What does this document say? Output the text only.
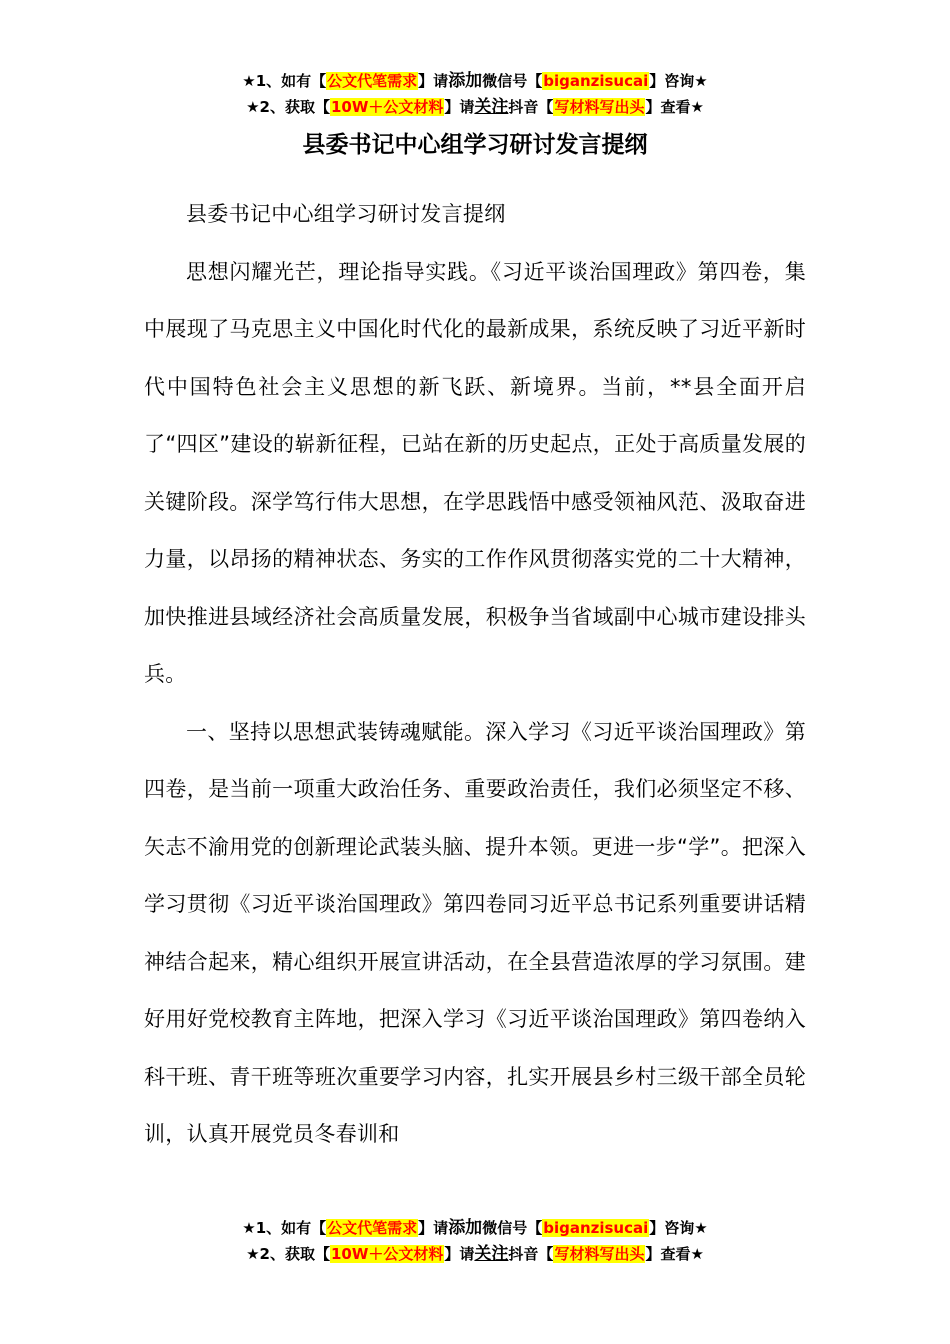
★1、如有【公文代笔需求】请添加微信号【biganzisucai】咨询★
★2、获取【10W＋公文材料】请关注抖音【写材料写出头】查看★
县委书记中心组学习研讨发言提纲

县委书记中心组学习研讨发言提纲

思想闪耀光芒，理论指导实践。《习近平谈治国理政》第四卷，集中展现了马克思主义中国化时代化的最新成果，系统反映了习近平新时代中国特色社会主义思想的新飞跃、新境界。当前，**县全面开启了“四区”建设的崭新征程，已站在新的历史起点，正处于高质量发展的关键阶段。深学笃行伟大思想，在学思践悟中感受领袖风范、汲取奋进力量，以昂扬的精神状态、务实的工作作风贯彻落实党的二十大精神，加快推进县域经济社会高质量发展，积极争当省域副中心城市建设排头兵。

一、坚持以思想武装铸魂赋能。深入学习《习近平谈治国理政》第四卷，是当前一项重大政治任务、重要政治责任，我们必须坚定不移、矢志不渝用党的创新理论武装头脑、提升本领。更进一步“学”。把深入学习贯彻《习近平谈治国理政》第四卷同习近平总书记系列重要讲话精神结合起来，精心组织开展宣讲活动，在全县营造浓厚的学习氛围。建好用好党校教育主阵地，把深入学习《习近平谈治国理政》第四卷纳入科干班、青干班等班次重要学习内容，扎实开展县乡村三级干部全员轮训，认真开展党员冬春训和

★1、如有【公文代笔需求】请添加微信号【biganzisucai】咨询★
★2、获取【10W＋公文材料】请关注抖音【写材料写出头】查看★
